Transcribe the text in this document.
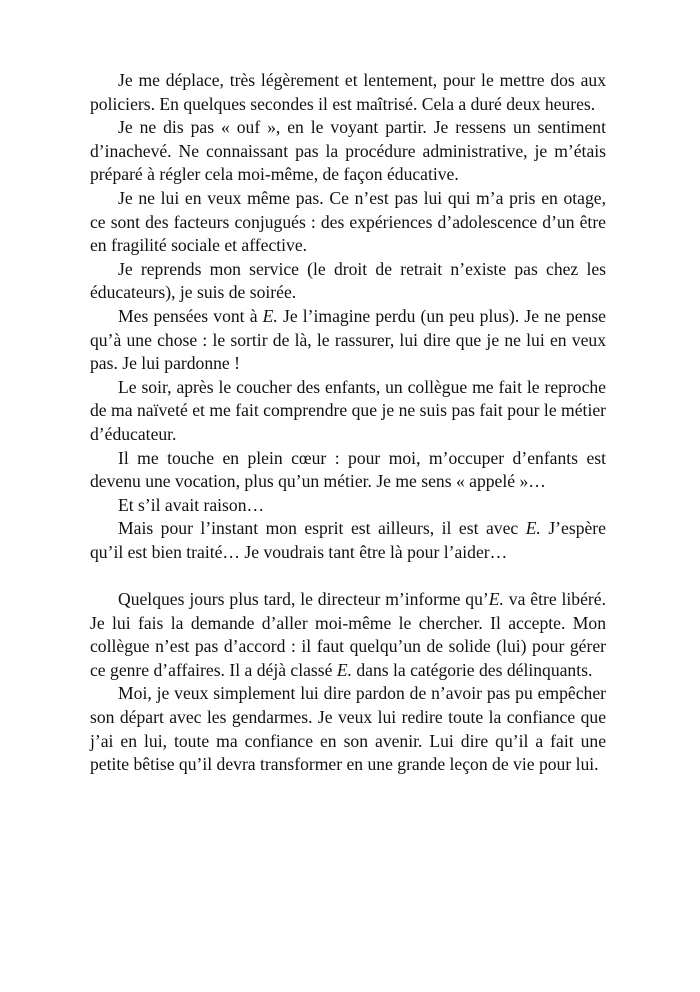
Je me déplace, très légèrement et lentement, pour le mettre dos aux policiers. En quelques secondes il est maîtrisé. Cela a duré deux heures.

Je ne dis pas « ouf », en le voyant partir. Je ressens un sentiment d’inachevé. Ne connaissant pas la procédure administrative, je m’étais préparé à régler cela moi-même, de façon éducative.

Je ne lui en veux même pas. Ce n’est pas lui qui m’a pris en otage, ce sont des facteurs conjugués : des expériences d’adolescence d’un être en fragilité sociale et affective.

Je reprends mon service (le droit de retrait n’existe pas chez les éducateurs), je suis de soirée.

Mes pensées vont à E. Je l’imagine perdu (un peu plus). Je ne pense qu’à une chose : le sortir de là, le rassurer, lui dire que je ne lui en veux pas. Je lui pardonne !

Le soir, après le coucher des enfants, un collègue me fait le reproche de ma naïveté et me fait comprendre que je ne suis pas fait pour le métier d’éducateur.

Il me touche en plein cœur : pour moi, m’occuper d’enfants est devenu une vocation, plus qu’un métier. Je me sens « appelé »…

Et s’il avait raison…

Mais pour l’instant mon esprit est ailleurs, il est avec E. J’espère qu’il est bien traité… Je voudrais tant être là pour l’aider…

Quelques jours plus tard, le directeur m’informe qu’E. va être libéré. Je lui fais la demande d’aller moi-même le chercher. Il accepte. Mon collègue n’est pas d’accord : il faut quelqu’un de solide (lui) pour gérer ce genre d’affaires. Il a déjà classé E. dans la catégorie des délinquants.

Moi, je veux simplement lui dire pardon de n’avoir pas pu empêcher son départ avec les gendarmes. Je veux lui redire toute la confiance que j’ai en lui, toute ma confiance en son avenir. Lui dire qu’il a fait une petite bêtise qu’il devra transformer en une grande leçon de vie pour lui.
